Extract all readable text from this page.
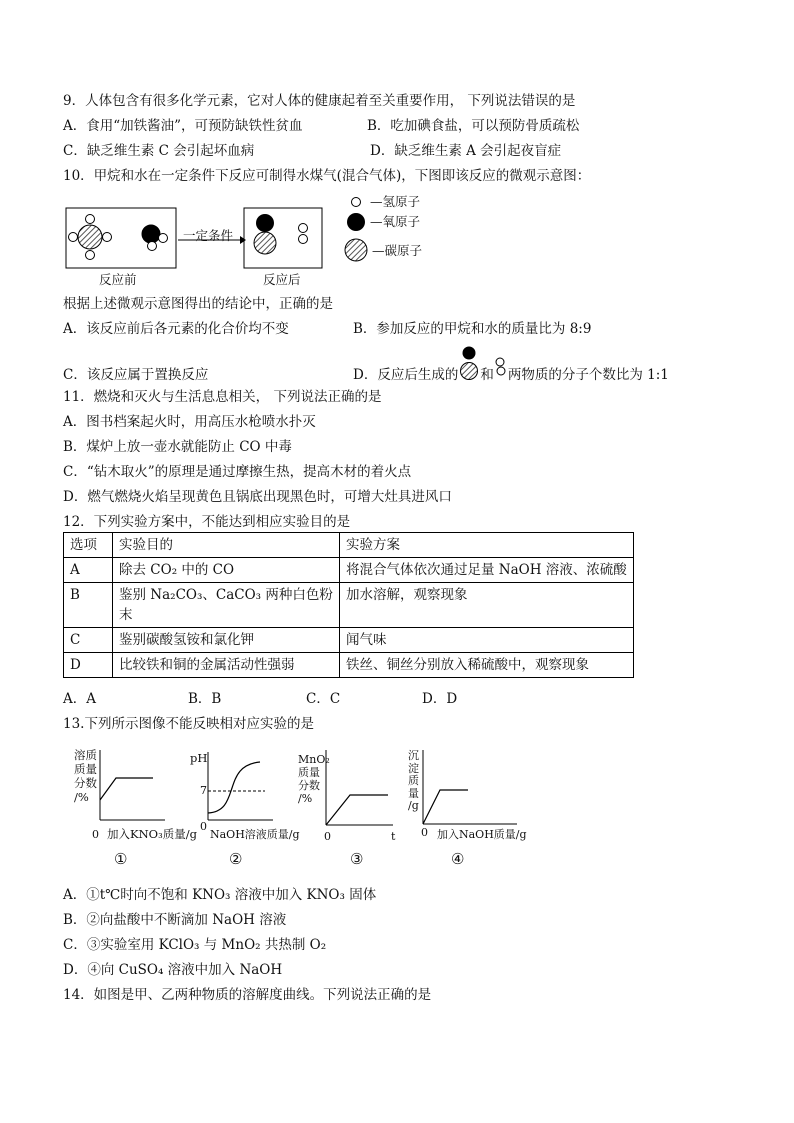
9．人体包含有很多化学元素，它对人体的健康起着至关重要作用， 下列说法错误的是
A．食用“加铁酱油”，可预防缺铁性贫血	B．吃加碘食盐，可以预防骨质疏松
C．缺乏维生素 C 会引起坏血病	D．缺乏维生素 A 会引起夜盲症
10．甲烷和水在一定条件下反应可制得水煤气(混合气体)，下图即该反应的微观示意图：
一定条件
反应前	反应后
—氢原子
—氧原子
—碳原子
根据上述微观示意图得出的结论中，正确的是
A．该反应前后各元素的化合价均不变	B．参加反应的甲烷和水的质量比为 8:9
C．该反应属于置换反应	D．反应后生成的 和 两物质的分子个数比为 1:1
11．燃烧和灭火与生活息息相关， 下列说法正确的是
A．图书档案起火时，用高压水枪喷水扑灭
B．煤炉上放一壶水就能防止 CO 中毒
C．“钻木取火”的原理是通过摩擦生热，提高木材的着火点
D．燃气燃烧火焰呈现黄色且锅底出现黑色时，可增大灶具进风口
12．下列实验方案中，不能达到相应实验目的是
选项	实验目的	实验方案
A	除去 CO₂ 中的 CO	将混合气体依次通过足量 NaOH 溶液、浓硫酸
B	鉴别 Na₂CO₃、CaCO₃ 两种白色粉末	加水溶解，观察现象
C	鉴别碳酸氢铵和氯化钾	闻气味
D	比较铁和铜的金属活动性强弱	铁丝、铜丝分别放入稀硫酸中，观察现象
A．A	B．B	C．C	D．D
13.下列所示图像不能反映相对应实验的是
溶质
质量
分数
/%
0 加入KNO₃质量/g
①
pH
7
0
NaOH溶液质量/g
②
MnO₂
质量
分数
/%
0	t
③
沉
淀
质
量
/g
0 加入NaOH质量/g
④
A．①t℃时向不饱和 KNO₃ 溶液中加入 KNO₃ 固体
B．②向盐酸中不断滴加 NaOH 溶液
C．③实验室用 KClO₃ 与 MnO₂ 共热制 O₂
D．④向 CuSO₄ 溶液中加入 NaOH
14．如图是甲、乙两种物质的溶解度曲线。下列说法正确的是
